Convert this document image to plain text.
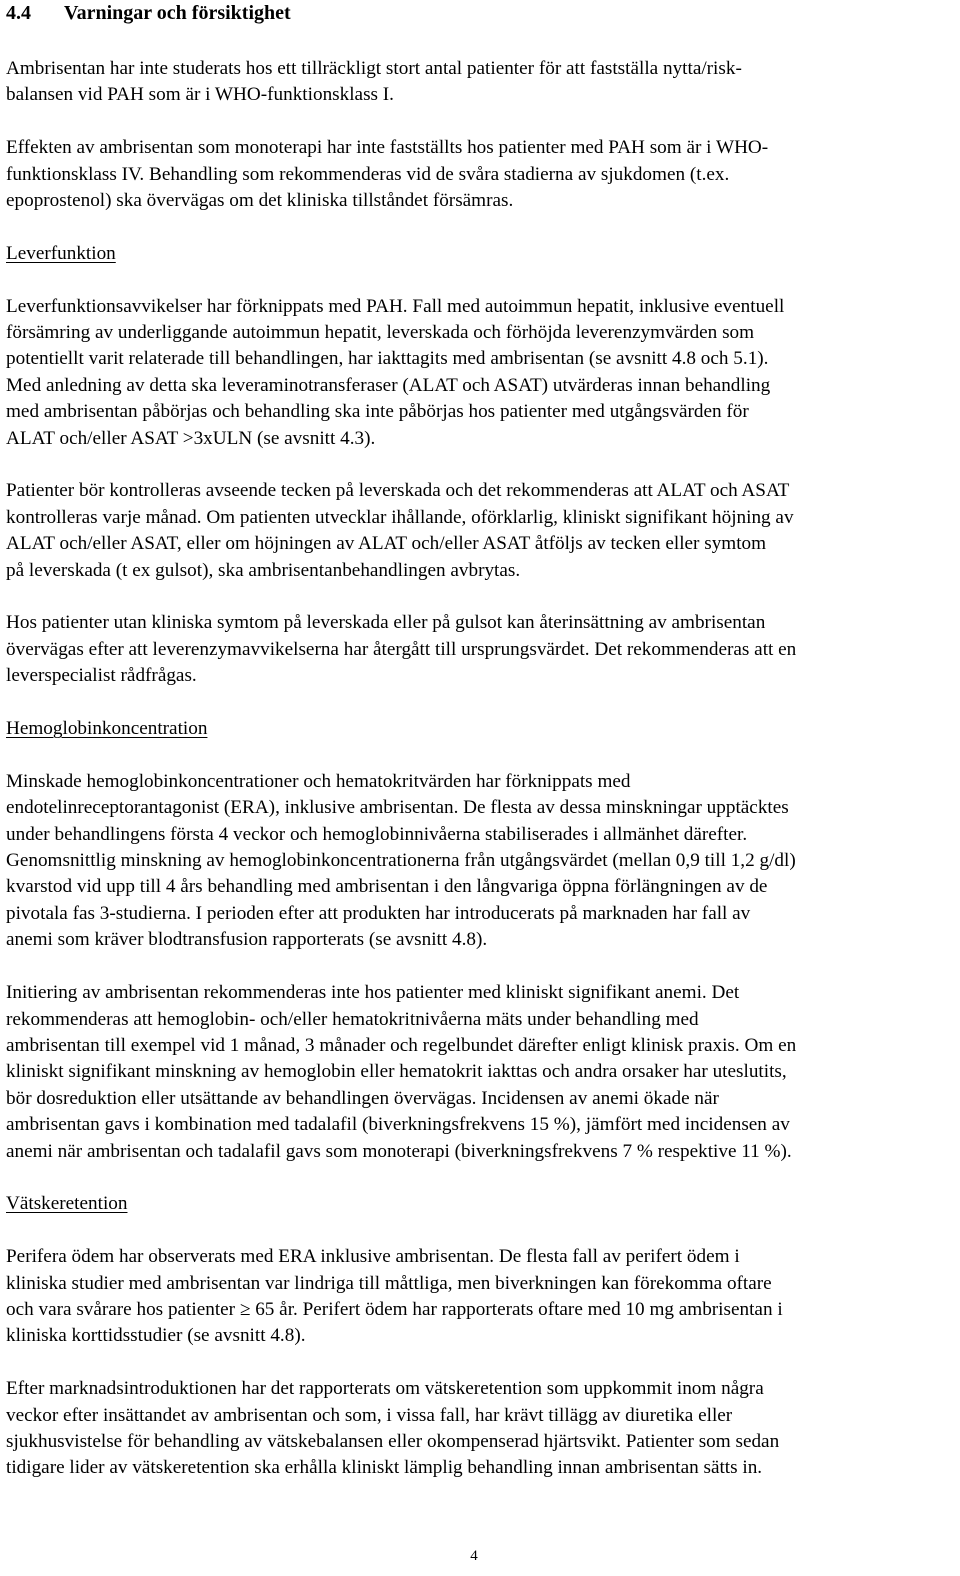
4.4 Varningar och försiktighet

Ambrisentan har inte studerats hos ett tillräckligt stort antal patienter för att fastställa nytta/risk-
balansen vid PAH som är i WHO-funktionsklass I.

Effekten av ambrisentan som monoterapi har inte fastställts hos patienter med PAH som är i WHO-
funktionsklass IV. Behandling som rekommenderas vid de svåra stadierna av sjukdomen (t.ex.
epoprostenol) ska övervägas om det kliniska tillståndet försämras.

Leverfunktion

Leverfunktionsavvikelser har förknippats med PAH. Fall med autoimmun hepatit, inklusive eventuell
försämring av underliggande autoimmun hepatit, leverskada och förhöjda leverenzymvärden som
potentiellt varit relaterade till behandlingen, har iakttagits med ambrisentan (se avsnitt 4.8 och 5.1).
Med anledning av detta ska leveraminotransferaser (ALAT och ASAT) utvärderas innan behandling
med ambrisentan påbörjas och behandling ska inte påbörjas hos patienter med utgångsvärden för
ALAT och/eller ASAT >3xULN (se avsnitt 4.3).

Patienter bör kontrolleras avseende tecken på leverskada och det rekommenderas att ALAT och ASAT
kontrolleras varje månad. Om patienten utvecklar ihållande, oförklarlig, kliniskt signifikant höjning av
ALAT och/eller ASAT, eller om höjningen av ALAT och/eller ASAT åtföljs av tecken eller symtom
på leverskada (t ex gulsot), ska ambrisentanbehandlingen avbrytas.

Hos patienter utan kliniska symtom på leverskada eller på gulsot kan återinsättning av ambrisentan
övervägas efter att leverenzymavvikelserna har återgått till ursprungsvärdet. Det rekommenderas att en
leverspecialist rådfrågas.

Hemoglobinkoncentration

Minskade hemoglobinkoncentrationer och hematokritvärden har förknippats med
endotelinreceptorantagonist (ERA), inklusive ambrisentan. De flesta av dessa minskningar upptäcktes
under behandlingens första 4 veckor och hemoglobinnivåerna stabiliserades i allmänhet därefter.
Genomsnittlig minskning av hemoglobinkoncentrationerna från utgångsvärdet (mellan 0,9 till 1,2 g/dl)
kvarstod vid upp till 4 års behandling med ambrisentan i den långvariga öppna förlängningen av de
pivotala fas 3-studierna. I perioden efter att produkten har introducerats på marknaden har fall av
anemi som kräver blodtransfusion rapporterats (se avsnitt 4.8).

Initiering av ambrisentan rekommenderas inte hos patienter med kliniskt signifikant anemi. Det
rekommenderas att hemoglobin- och/eller hematokritnivåerna mäts under behandling med
ambrisentan till exempel vid 1 månad, 3 månader och regelbundet därefter enligt klinisk praxis. Om en
kliniskt signifikant minskning av hemoglobin eller hematokrit iakttas och andra orsaker har uteslutits,
bör dosreduktion eller utsättande av behandlingen övervägas. Incidensen av anemi ökade när
ambrisentan gavs i kombination med tadalafil (biverkningsfrekvens 15 %), jämfört med incidensen av
anemi när ambrisentan och tadalafil gavs som monoterapi (biverkningsfrekvens 7 % respektive 11 %).

Vätskeretention

Perifera ödem har observerats med ERA inklusive ambrisentan. De flesta fall av perifert ödem i
kliniska studier med ambrisentan var lindriga till måttliga, men biverkningen kan förekomma oftare
och vara svårare hos patienter ≥ 65 år. Perifert ödem har rapporterats oftare med 10 mg ambrisentan i
kliniska korttidsstudier (se avsnitt 4.8).

Efter marknadsintroduktionen har det rapporterats om vätskeretention som uppkommit inom några
veckor efter insättandet av ambrisentan och som, i vissa fall, har krävt tillägg av diuretika eller
sjukhusvistelse för behandling av vätskebalansen eller okompenserad hjärtsvikt. Patienter som sedan
tidigare lider av vätskeretention ska erhålla kliniskt lämplig behandling innan ambrisentan sätts in.

4
